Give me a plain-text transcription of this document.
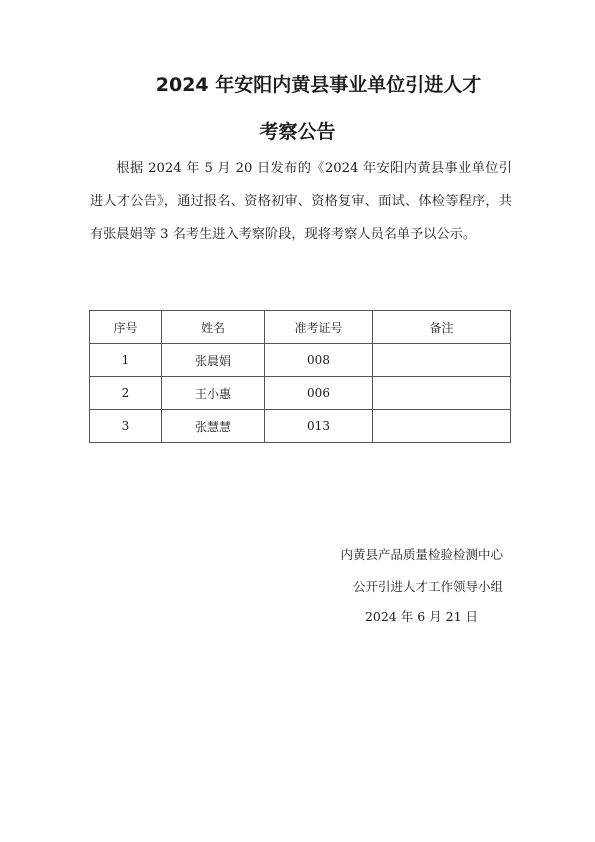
2024 年安阳内黄县事业单位引进人才
考察公告

根据 2024 年 5 月 20 日发布的《2024 年安阳内黄县事业单位引进人才公告》，通过报名、资格初审、资格复审、面试、体检等程序，共有张晨娟等 3 名考生进入考察阶段，现将考察人员名单予以公示。

序号	姓名	准考证号	备注
1	张晨娟	008	
2	王小惠	006	
3	张慧慧	013	
内黄县产品质量检验检测中心
公开引进人才工作领导小组
2024 年 6 月 21 日
